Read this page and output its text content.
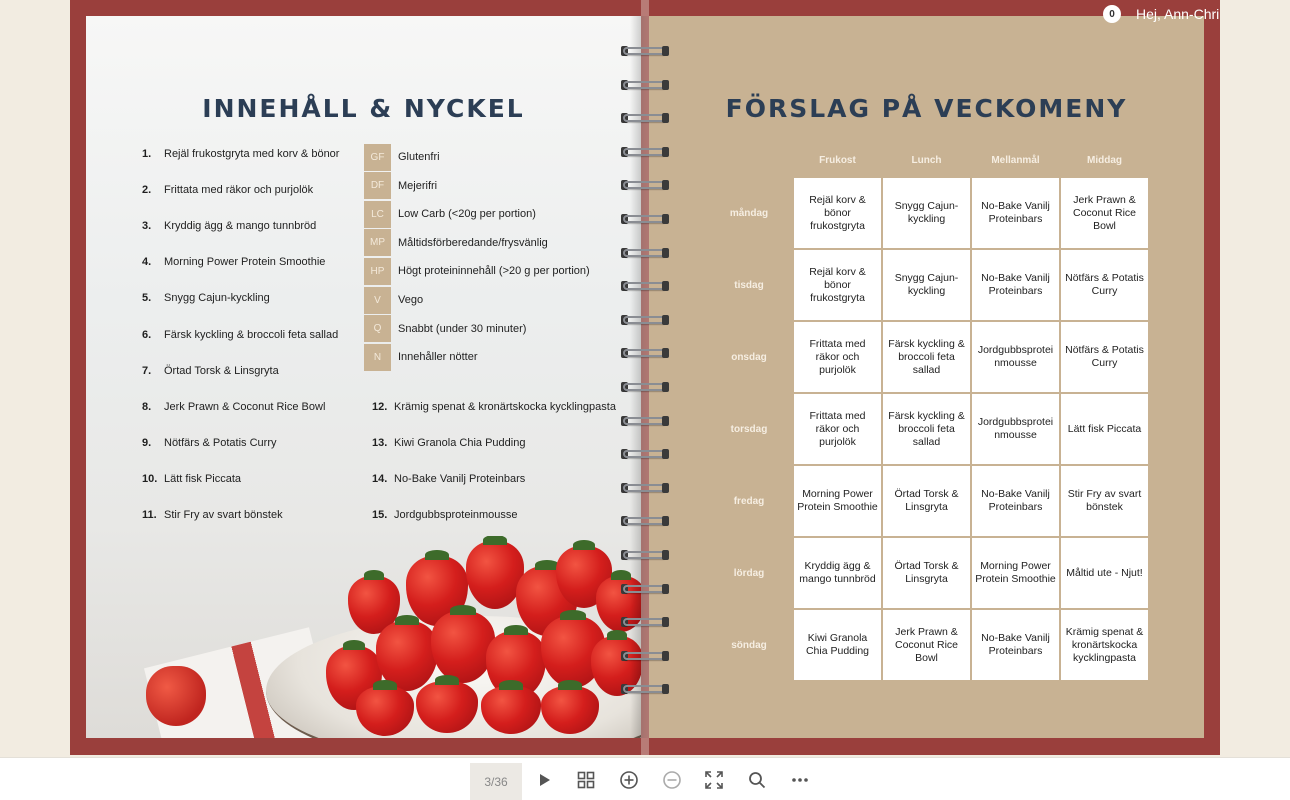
INNEHÅLL & NYCKEL
1. Rejäl frukostgryta med korv & bönor
2. Frittata med räkor och purjolök
3. Kryddig ägg & mango tunnbröd
4. Morning Power Protein Smoothie
5. Snygg Cajun-kyckling
6. Färsk kyckling & broccoli feta sallad
7. Örtad Torsk & Linsgryta
8. Jerk Prawn & Coconut Rice Bowl
9. Nötfärs & Potatis Curry
10. Lätt fisk Piccata
11. Stir Fry av svart bönstek
12. Krämig spenat & kronärtskocka kycklingpasta
13. Kiwi Granola Chia Pudding
14. No-Bake Vanilj Proteinbars
15. Jordgubbsproteinmousse
GF	Glutenfri
DF	Mejerifri
LC	Low Carb (<20g per portion)
MP	Måltidsförberedande/frysvänlig
HP	Högt proteininnehåll (>20 g per portion)
V	Vego
Q	Snabbt (under 30 minuter)
N	Innehåller nötter
FÖRSLAG PÅ VECKOMENY
	Frukost	Lunch	Mellanmål	Middag
måndag	Rejäl korv & bönor frukostgryta	Snygg Cajun-kyckling	No-Bake Vanilj Proteinbars	Jerk Prawn & Coconut Rice Bowl
tisdag	Rejäl korv & bönor frukostgryta	Snygg Cajun-kyckling	No-Bake Vanilj Proteinbars	Nötfärs & Potatis Curry
onsdag	Frittata med räkor och purjolök	Färsk kyckling & broccoli feta sallad	Jordgubbsprotei nmousse	Nötfärs & Potatis Curry
torsdag	Frittata med räkor och purjolök	Färsk kyckling & broccoli feta sallad	Jordgubbsprotei nmousse	Lätt fisk Piccata
fredag	Morning Power Protein Smoothie	Örtad Torsk & Linsgryta	No-Bake Vanilj Proteinbars	Stir Fry av svart bönstek
lördag	Kryddig ägg & mango tunnbröd	Örtad Torsk & Linsgryta	Morning Power Protein Smoothie	Måltid ute - Njut!
söndag	Kiwi Granola Chia Pudding	Jerk Prawn & Coconut Rice Bowl	No-Bake Vanilj Proteinbars	Krämig spenat & kronärtskocka kycklingpasta
0	Hej, Ann-Chri
3/36
